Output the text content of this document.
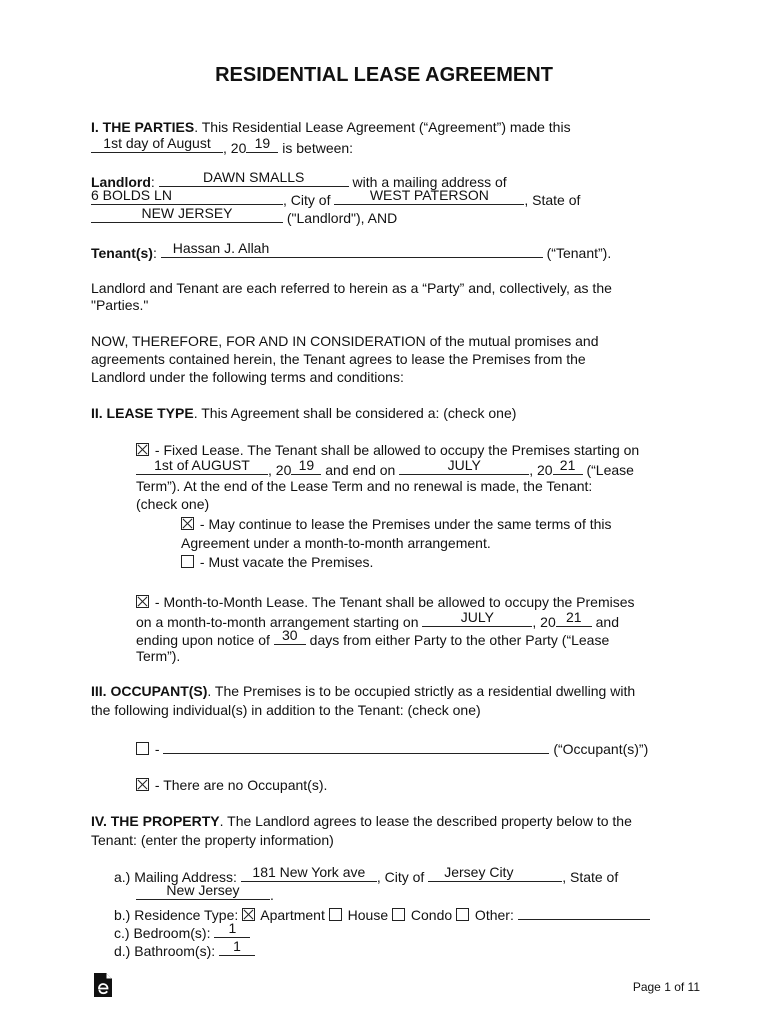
RESIDENTIAL LEASE AGREEMENT
I. THE PARTIES. This Residential Lease Agreement (“Agreement”) made this
1st day of August , 20 19 is between:
Landlord:	DAWN SMALLS	with a mailing address of
6 BOLDS LN	, City of	WEST PATERSON	, State of
NEW JERSEY	("Landlord"), AND
Tenant(s): Hassan J. Allah	(“Tenant”).
Landlord and Tenant are each referred to herein as a “Party” and, collectively, as the
"Parties."
NOW, THEREFORE, FOR AND IN CONSIDERATION of the mutual promises and
agreements contained herein, the Tenant agrees to lease the Premises from the
Landlord under the following terms and conditions:
II. LEASE TYPE. This Agreement shall be considered a: (check one)
- Fixed Lease. The Tenant shall be allowed to occupy the Premises starting on
1st of AUGUST	, 20 19 and end on	JULY	, 20 21 (“Lease
Term”). At the end of the Lease Term and no renewal is made, the Tenant:
(check one)
- May continue to lease the Premises under the same terms of this
Agreement under a month-to-month arrangement.
- Must vacate the Premises.
- Month-to-Month Lease. The Tenant shall be allowed to occupy the Premises
on a month-to-month arrangement starting on	JULY	, 20 21 and
ending upon notice of 30 days from either Party to the other Party (“Lease
Term”).
III. OCCUPANT(S). The Premises is to be occupied strictly as a residential dwelling with
the following individual(s) in addition to the Tenant: (check one)
-	(“Occupant(s)”)
- There are no Occupant(s).
IV. THE PROPERTY. The Landlord agrees to lease the described property below to the
Tenant: (enter the property information)
a.) Mailing Address: 181 New York ave , City of Jersey City	, State of
New Jersey	.
b.) Residence Type:  Apartment  House  Condo  Other:
c.) Bedroom(s):	1
d.) Bathroom(s):	1
Page 1 of 11
